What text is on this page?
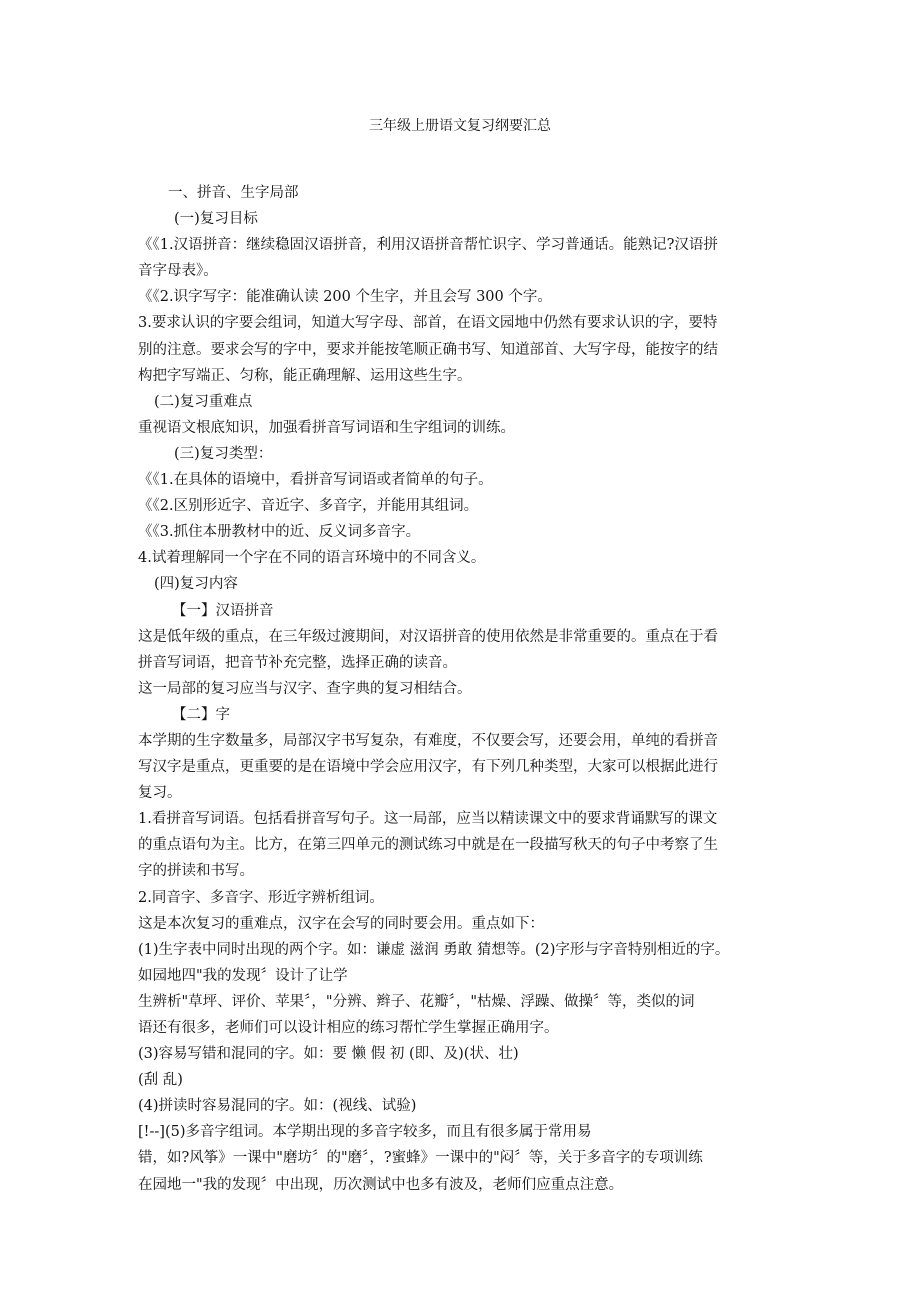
三年级上册语文复习纲要汇总
一、拼音、生字局部
(一)复习目标
《《1.汉语拼音：继续稳固汉语拼音，利用汉语拼音帮忙识字、学习普通话。能熟记?汉语拼
音字母表》。
《《2.识字写字：能准确认读 200 个生字，并且会写 300 个字。
3.要求认识的字要会组词，知道大写字母、部首，在语文园地中仍然有要求认识的字，要特
别的注意。要求会写的字中，要求并能按笔顺正确书写、知道部首、大写字母，能按字的结
构把字写端正、匀称，能正确理解、运用这些生字。
(二)复习重难点
重视语文根底知识，加强看拼音写词语和生字组词的训练。
(三)复习类型：
《《1.在具体的语境中，看拼音写词语或者简单的句子。
《《2.区别形近字、音近字、多音字，并能用其组词。
《《3.抓住本册教材中的近、反义词多音字。
4.试着理解同一个字在不同的语言环境中的不同含义。
(四)复习内容
【一】汉语拼音
这是低年级的重点，在三年级过渡期间，对汉语拼音的使用依然是非常重要的。重点在于看
拼音写词语，把音节补充完整，选择正确的读音。
这一局部的复习应当与汉字、查字典的复习相结合。
【二】字
本学期的生字数量多，局部汉字书写复杂，有难度，不仅要会写，还要会用，单纯的看拼音
写汉字是重点，更重要的是在语境中学会应用汉字，有下列几种类型，大家可以根据此进行
复习。
1.看拼音写词语。包括看拼音写句子。这一局部，应当以精读课文中的要求背诵默写的课文
的重点语句为主。比方，在第三四单元的测试练习中就是在一段描写秋天的句子中考察了生
字的拼读和书写。
2.同音字、多音字、形近字辨析组词。
这是本次复习的重难点，汉字在会写的同时要会用。重点如下：
(1)生字表中同时出现的两个字。如：谦虚 滋润 勇敢 猜想等。(2)字形与字音特别相近的字。
如园地四"我的发现〞设计了让学
生辨析"草坪、评价、苹果〞，"分辨、辫子、花瓣〞，"枯燥、浮躁、做操〞等，类似的词
语还有很多，老师们可以设计相应的练习帮忙学生掌握正确用字。
(3)容易写错和混同的字。如：要 懒 假 初 (即、及)(状、壮)
(刮 乱)
(4)拼读时容易混同的字。如：(视线、试验)
[!--](5)多音字组词。本学期出现的多音字较多，而且有很多属于常用易
错，如?风筝》一课中"磨坊〞的"磨〞，?蜜蜂》一课中的"闷〞等，关于多音字的专项训练
在园地一"我的发现〞中出现，历次测试中也多有波及，老师们应重点注意。
